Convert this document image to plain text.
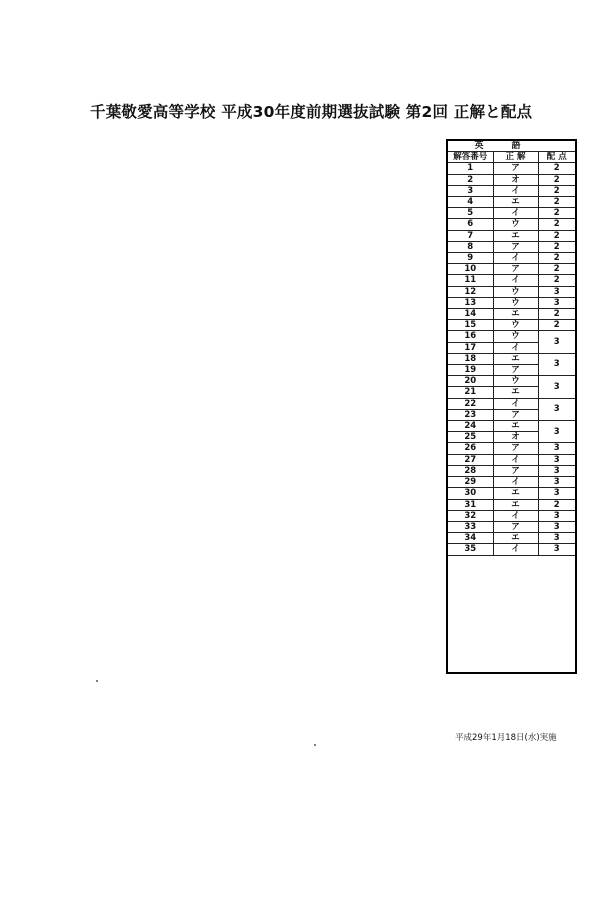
千葉敬愛高等学校 平成30年度前期選抜試験 第2回 正解と配点
英語		
解答番号	正 解	配 点
1	ア	2
2	オ	2
3	イ	2
4	エ	2
5	イ	2
6	ウ	2
7	エ	2
8	ア	2
9	イ	2
10	ア	2
11	イ	2
12	ウ	3
13	ウ	3
14	エ	2
15	ウ	2
16	ウ	3
17	イ	
18	エ	3
19	ア	
20	ウ	3
21	エ	
22	イ	3
23	ア	
24	エ	3
25	オ	
26	ア	3
27	イ	3
28	ア	3
29	イ	3
30	エ	3
31	エ	2
32	イ	3
33	ア	3
34	エ	3
35	イ	3
平成29年1月18日(水)実施
